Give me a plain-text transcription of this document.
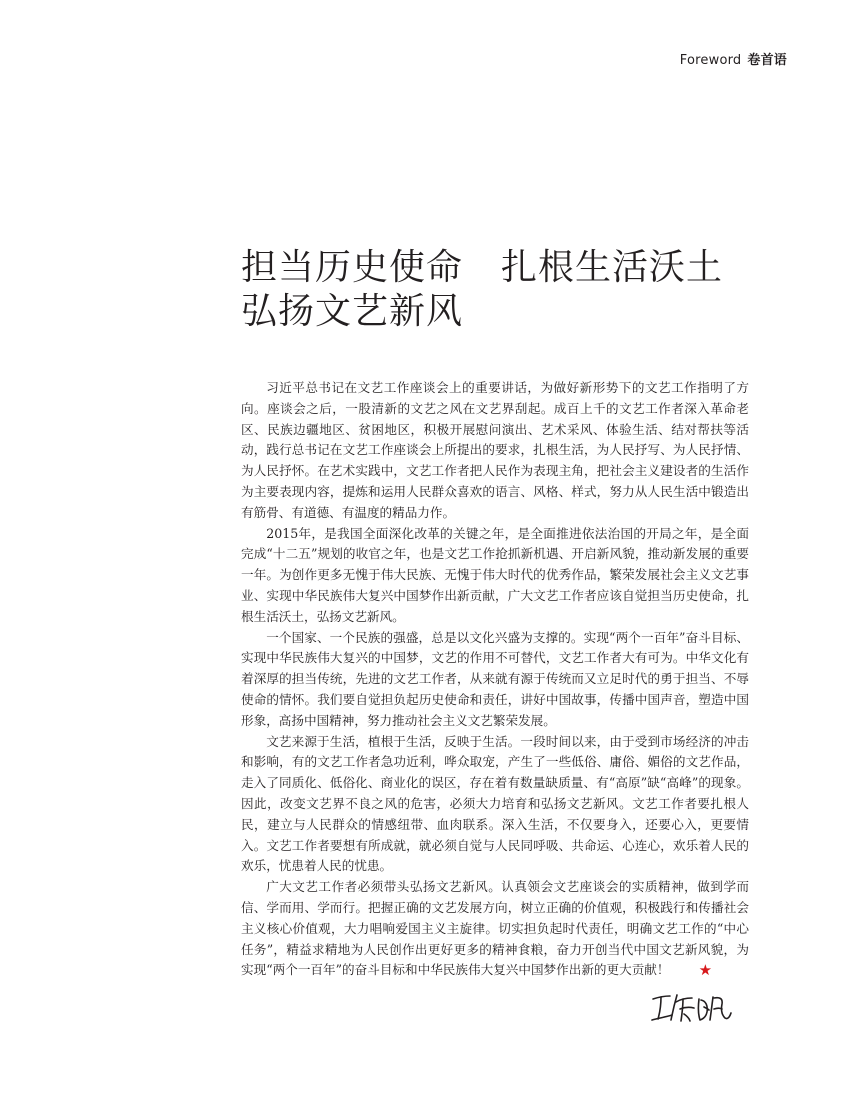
Foreword 卷首语
担当历史使命 扎根生活沃土
弘扬文艺新风

习近平总书记在文艺工作座谈会上的重要讲话，为做好新形势下的文艺工作指明了方向。座谈会之后，一股清新的文艺之风在文艺界刮起。成百上千的文艺工作者深入革命老区、民族边疆地区、贫困地区，积极开展慰问演出、艺术采风、体验生活、结对帮扶等活动，践行总书记在文艺工作座谈会上所提出的要求，扎根生活，为人民抒写、为人民抒情、为人民抒怀。在艺术实践中，文艺工作者把人民作为表现主角，把社会主义建设者的生活作为主要表现内容，提炼和运用人民群众喜欢的语言、风格、样式，努力从人民生活中锻造出有筋骨、有道德、有温度的精品力作。

2015年，是我国全面深化改革的关键之年，是全面推进依法治国的开局之年，是全面完成“十二五”规划的收官之年，也是文艺工作抢抓新机遇、开启新风貌，推动新发展的重要一年。为创作更多无愧于伟大民族、无愧于伟大时代的优秀作品，繁荣发展社会主义文艺事业、实现中华民族伟大复兴中国梦作出新贡献，广大文艺工作者应该自觉担当历史使命，扎根生活沃土，弘扬文艺新风。

一个国家、一个民族的强盛，总是以文化兴盛为支撑的。实现“两个一百年”奋斗目标、实现中华民族伟大复兴的中国梦，文艺的作用不可替代，文艺工作者大有可为。中华文化有着深厚的担当传统，先进的文艺工作者，从来就有源于传统而又立足时代的勇于担当、不辱使命的情怀。我们要自觉担负起历史使命和责任，讲好中国故事，传播中国声音，塑造中国形象，高扬中国精神，努力推动社会主义文艺繁荣发展。

文艺来源于生活，植根于生活，反映于生活。一段时间以来，由于受到市场经济的冲击和影响，有的文艺工作者急功近利，哗众取宠，产生了一些低俗、庸俗、媚俗的文艺作品，走入了同质化、低俗化、商业化的误区，存在着有数量缺质量、有“高原”缺“高峰”的现象。因此，改变文艺界不良之风的危害，必须大力培育和弘扬文艺新风。文艺工作者要扎根人民，建立与人民群众的情感纽带、血肉联系。深入生活，不仅要身入，还要心入，更要情入。文艺工作者要想有所成就，就必须自觉与人民同呼吸、共命运、心连心，欢乐着人民的欢乐，忧患着人民的忧患。

广大文艺工作者必须带头弘扬文艺新风。认真领会文艺座谈会的实质精神，做到学而信、学而用、学而行。把握正确的文艺发展方向，树立正确的价值观，积极践行和传播社会主义核心价值观，大力唱响爱国主义主旋律。切实担负起时代责任，明确文艺工作的“中心任务”，精益求精地为人民创作出更好更多的精神食粮，奋力开创当代中国文艺新风貌，为实现“两个一百年”的奋斗目标和中华民族伟大复兴中国梦作出新的更大贡献！ ★
